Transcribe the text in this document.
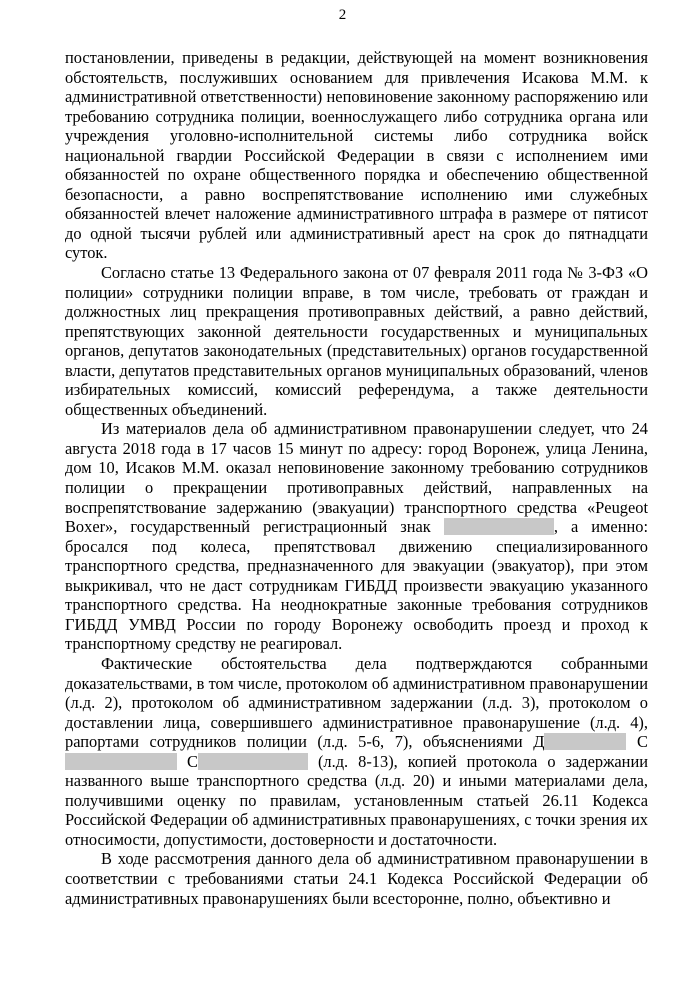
2

постановлении, приведены в редакции, действующей на момент возникновения обстоятельств, послуживших основанием для привлечения Исакова М.М. к административной ответственности) неповиновение законному распоряжению или требованию сотрудника полиции, военнослужащего либо сотрудника органа или учреждения уголовно-исполнительной системы либо сотрудника войск национальной гвардии Российской Федерации в связи с исполнением ими обязанностей по охране общественного порядка и обеспечению общественной безопасности, а равно воспрепятствование исполнению ими служебных обязанностей влечет наложение административного штрафа в размере от пятисот до одной тысячи рублей или административный арест на срок до пятнадцати суток.

Согласно статье 13 Федерального закона от 07 февраля 2011 года № 3-ФЗ «О полиции» сотрудники полиции вправе, в том числе, требовать от граждан и должностных лиц прекращения противоправных действий, а равно действий, препятствующих законной деятельности государственных и муниципальных органов, депутатов законодательных (представительных) органов государственной власти, депутатов представительных органов муниципальных образований, членов избирательных комиссий, комиссий референдума, а также деятельности общественных объединений.

Из материалов дела об административном правонарушении следует, что 24 августа 2018 года в 17 часов 15 минут по адресу: город Воронеж, улица Ленина, дом 10, Исаков М.М. оказал неповиновение законному требованию сотрудников полиции о прекращении противоправных действий, направленных на воспрепятствование задержанию (эвакуации) транспортного средства «Peugeot Boxer», государственный регистрационный знак	, а именно: бросался под колеса, препятствовал движению специализированного транспортного средства, предназначенного для эвакуации (эвакуатор), при этом выкрикивал, что не даст сотрудникам ГИБДД произвести эвакуацию указанного транспортного средства. На неоднократные законные требования сотрудников ГИБДД УМВД России по городу Воронежу освободить проезд и проход к транспортному средству не реагировал.

Фактические обстоятельства дела подтверждаются собранными доказательствами, в том числе, протоколом об административном правонарушении (л.д. 2), протоколом об административном задержании (л.д. 3), протоколом о доставлении лица, совершившего административное правонарушение (л.д. 4), рапортами сотрудников полиции (л.д. 5-6, 7), объяснениями Д	С С	(л.д. 8-13), копией протокола о задержании названного выше транспортного средства (л.д. 20) и иными материалами дела, получившими оценку по правилам, установленным статьей 26.11 Кодекса Российской Федерации об административных правонарушениях, с точки зрения их относимости, допустимости, достоверности и достаточности.

В ходе рассмотрения данного дела об административном правонарушении в соответствии с требованиями статьи 24.1 Кодекса Российской Федерации об административных правонарушениях были всесторонне, полно, объективно и
